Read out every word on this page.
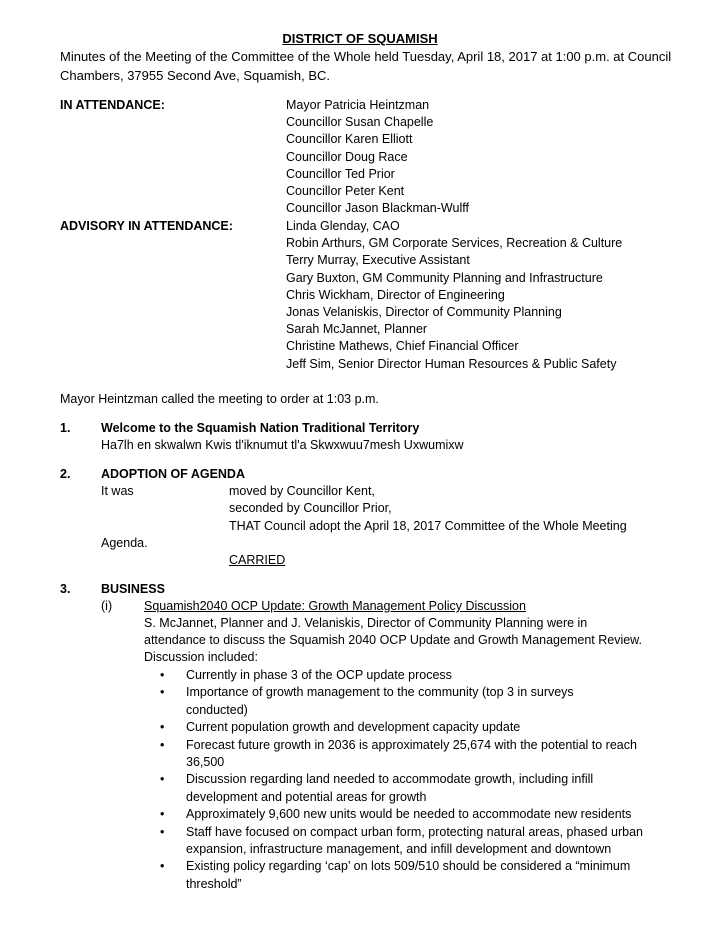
DISTRICT OF SQUAMISH
Minutes of the Meeting of the Committee of the Whole held Tuesday, April 18, 2017 at 1:00 p.m. at Council Chambers, 37955 Second Ave, Squamish, BC.
IN ATTENDANCE:	Mayor Patricia Heintzman
Councillor Susan Chapelle
Councillor Karen Elliott
Councillor Doug Race
Councillor Ted Prior
Councillor Peter Kent
Councillor Jason Blackman-Wulff
ADVISORY IN ATTENDANCE:	Linda Glenday, CAO
Robin Arthurs, GM Corporate Services, Recreation & Culture
Terry Murray, Executive Assistant
Gary Buxton, GM Community Planning and Infrastructure
Chris Wickham, Director of Engineering
Jonas Velaniskis, Director of Community Planning
Sarah McJannet, Planner
Christine Mathews, Chief Financial Officer
Jeff Sim, Senior Director Human Resources & Public Safety
Mayor Heintzman called the meeting to order at 1:03 p.m.
1. Welcome to the Squamish Nation Traditional Territory
Ha7lh en skwalwn Kwis tl'iknumut tl'a Skwxwuu7mesh Uxwumixw
2. ADOPTION OF AGENDA
It was	moved by Councillor Kent,
seconded by Councillor Prior,
THAT Council adopt the April 18, 2017 Committee of the Whole Meeting
Agenda.
CARRIED
3. BUSINESS
(i)	Squamish2040 OCP Update: Growth Management Policy Discussion
S. McJannet, Planner and J. Velaniskis, Director of Community Planning were in
attendance to discuss the Squamish 2040 OCP Update and Growth Management Review.
Discussion included:
• Currently in phase 3 of the OCP update process
• Importance of growth management to the community (top 3 in surveys conducted)
• Current population growth and development capacity update
• Forecast future growth in 2036 is approximately 25,674 with the potential to reach 36,500
• Discussion regarding land needed to accommodate growth, including infill development and potential areas for growth
• Approximately 9,600 new units would be needed to accommodate new residents
• Staff have focused on compact urban form, protecting natural areas, phased urban expansion, infrastructure management, and infill development and downtown
• Existing policy regarding ‘cap’ on lots 509/510 should be considered a “minimum threshold”
